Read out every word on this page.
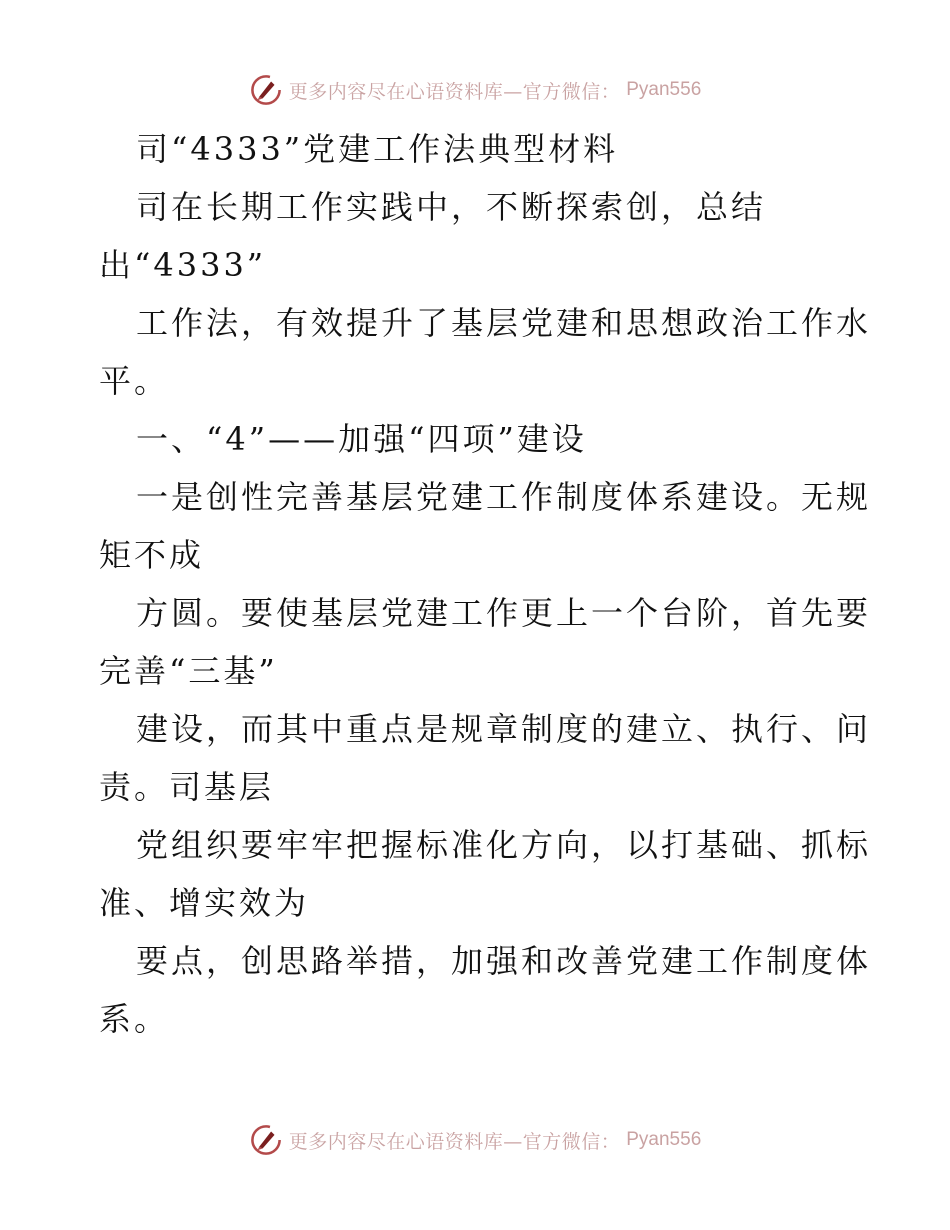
更多内容尽在心语资料库—官方微信： Pyan556
司“4333”党建工作法典型材料
司在长期工作实践中，不断探索创，总结
出“4333”
工作法，有效提升了基层党建和思想政治工作水
平。
一、“4”——加强“四项”建设
一是创性完善基层党建工作制度体系建设。无规
矩不成
方圆。要使基层党建工作更上一个台阶，首先要
完善“三基”
建设，而其中重点是规章制度的建立、执行、问
责。司基层
党组织要牢牢把握标准化方向，以打基础、抓标
准、增实效为
要点，创思路举措，加强和改善党建工作制度体
系。
更多内容尽在心语资料库—官方微信： Pyan556
